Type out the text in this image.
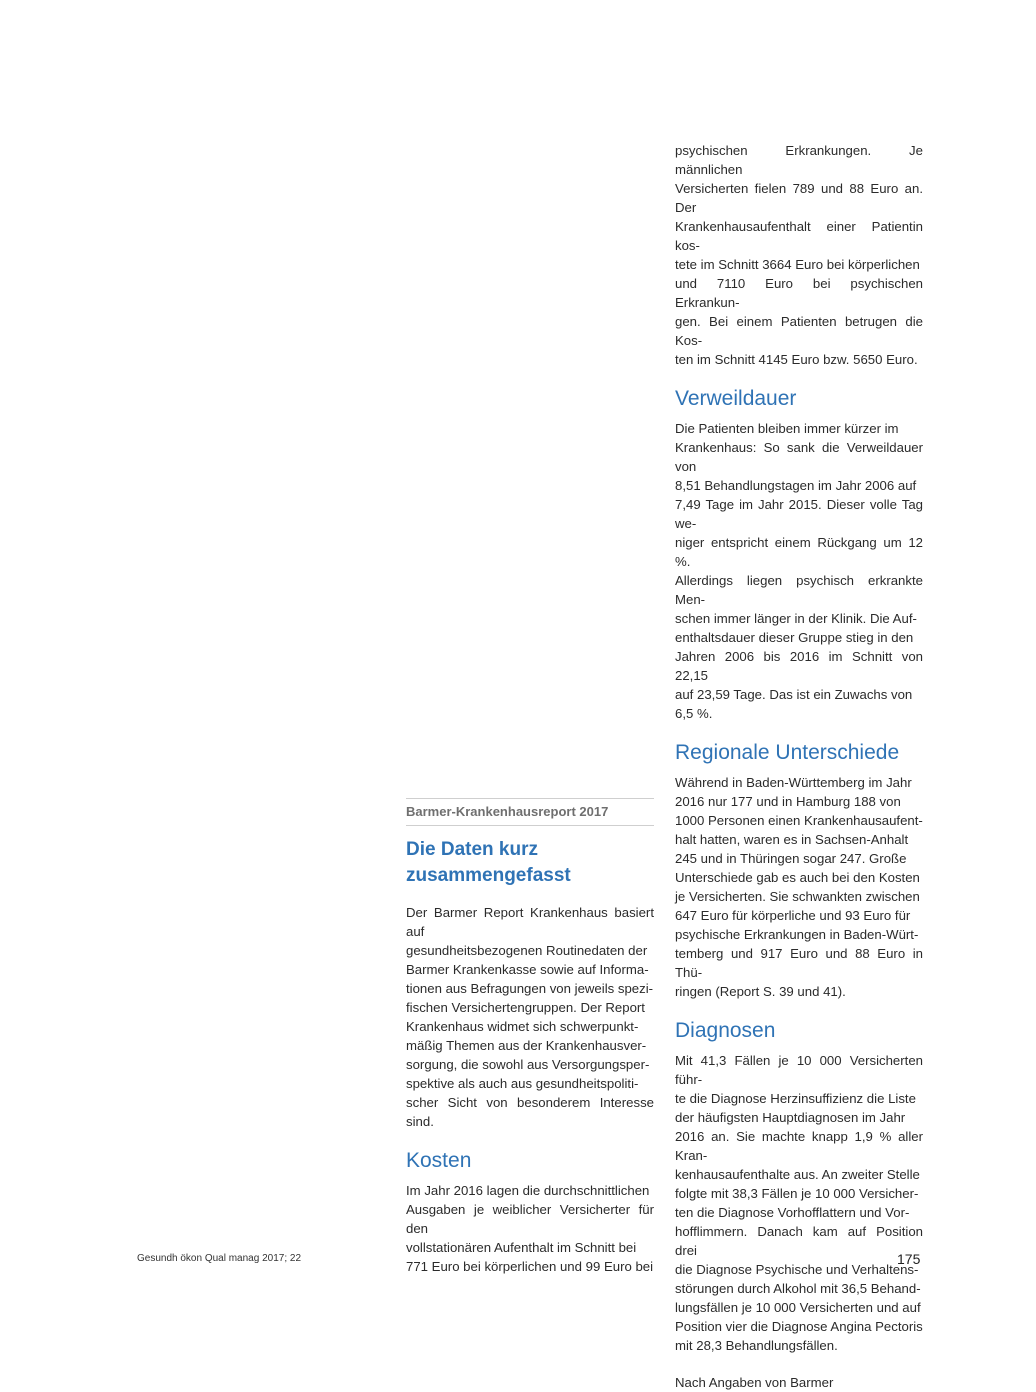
Barmer-Krankenhausreport 2017
Die Daten kurz
zusammengefasst

Der Barmer Report Krankenhaus basiert auf
gesundheitsbezogenen Routinedaten der
Barmer Krankenkasse sowie auf Informa-
tionen aus Befragungen von jeweils spezi-
fischen Versichertengruppen. Der Report
Krankenhaus widmet sich schwerpunkt-
mäßig Themen aus der Krankenhausver-
sorgung, die sowohl aus Versorgungsper-
spektive als auch aus gesundheitspoliti-
scher Sicht von besonderem Interesse sind.

Kosten

Im Jahr 2016 lagen die durchschnittlichen
Ausgaben je weiblicher Versicherter für den
vollstationären Aufenthalt im Schnitt bei
771 Euro bei körperlichen und 99 Euro bei

psychischen Erkrankungen. Je männlichen
Versicherten fielen 789 und 88 Euro an. Der
Krankenhausaufenthalt einer Patientin kos-
tete im Schnitt 3664 Euro bei körperlichen
und 7110 Euro bei psychischen Erkrankun-
gen. Bei einem Patienten betrugen die Kos-
ten im Schnitt 4145 Euro bzw. 5650 Euro.

Verweildauer

Die Patienten bleiben immer kürzer im
Krankenhaus: So sank die Verweildauer von
8,51 Behandlungstagen im Jahr 2006 auf
7,49 Tage im Jahr 2015. Dieser volle Tag we-
niger entspricht einem Rückgang um 12 %.
Allerdings liegen psychisch erkrankte Men-
schen immer länger in der Klinik. Die Auf-
enthaltsdauer dieser Gruppe stieg in den
Jahren 2006 bis 2016 im Schnitt von 22,15
auf 23,59 Tage. Das ist ein Zuwachs von
6,5 %.

Regionale Unterschiede

Während in Baden-Württemberg im Jahr
2016 nur 177 und in Hamburg 188 von
1000 Personen einen Krankenhausaufent-
halt hatten, waren es in Sachsen-Anhalt
245 und in Thüringen sogar 247. Große
Unterschiede gab es auch bei den Kosten
je Versicherten. Sie schwankten zwischen
647 Euro für körperliche und 93 Euro für
psychische Erkrankungen in Baden-Würt-
temberg und 917 Euro und 88 Euro in Thü-
ringen (Report S. 39 und 41).

Diagnosen

Mit 41,3 Fällen je 10 000 Versicherten führ-
te die Diagnose Herzinsuffizienz die Liste
der häufigsten Hauptdiagnosen im Jahr
2016 an. Sie machte knapp 1,9 % aller Kran-
kenhausaufenthalte aus. An zweiter Stelle
folgte mit 38,3 Fällen je 10 000 Versicher-
ten die Diagnose Vorhofflattern und Vor-
hofflimmern. Danach kam auf Position drei
die Diagnose Psychische und Verhaltens-
störungen durch Alkohol mit 36,5 Behand-
lungsfällen je 10 000 Versicherten und auf
Position vier die Diagnose Angina Pectoris
mit 28,3 Behandlungsfällen.

Nach Angaben von Barmer

Gesundh ökon Qual manag 2017; 22	175
